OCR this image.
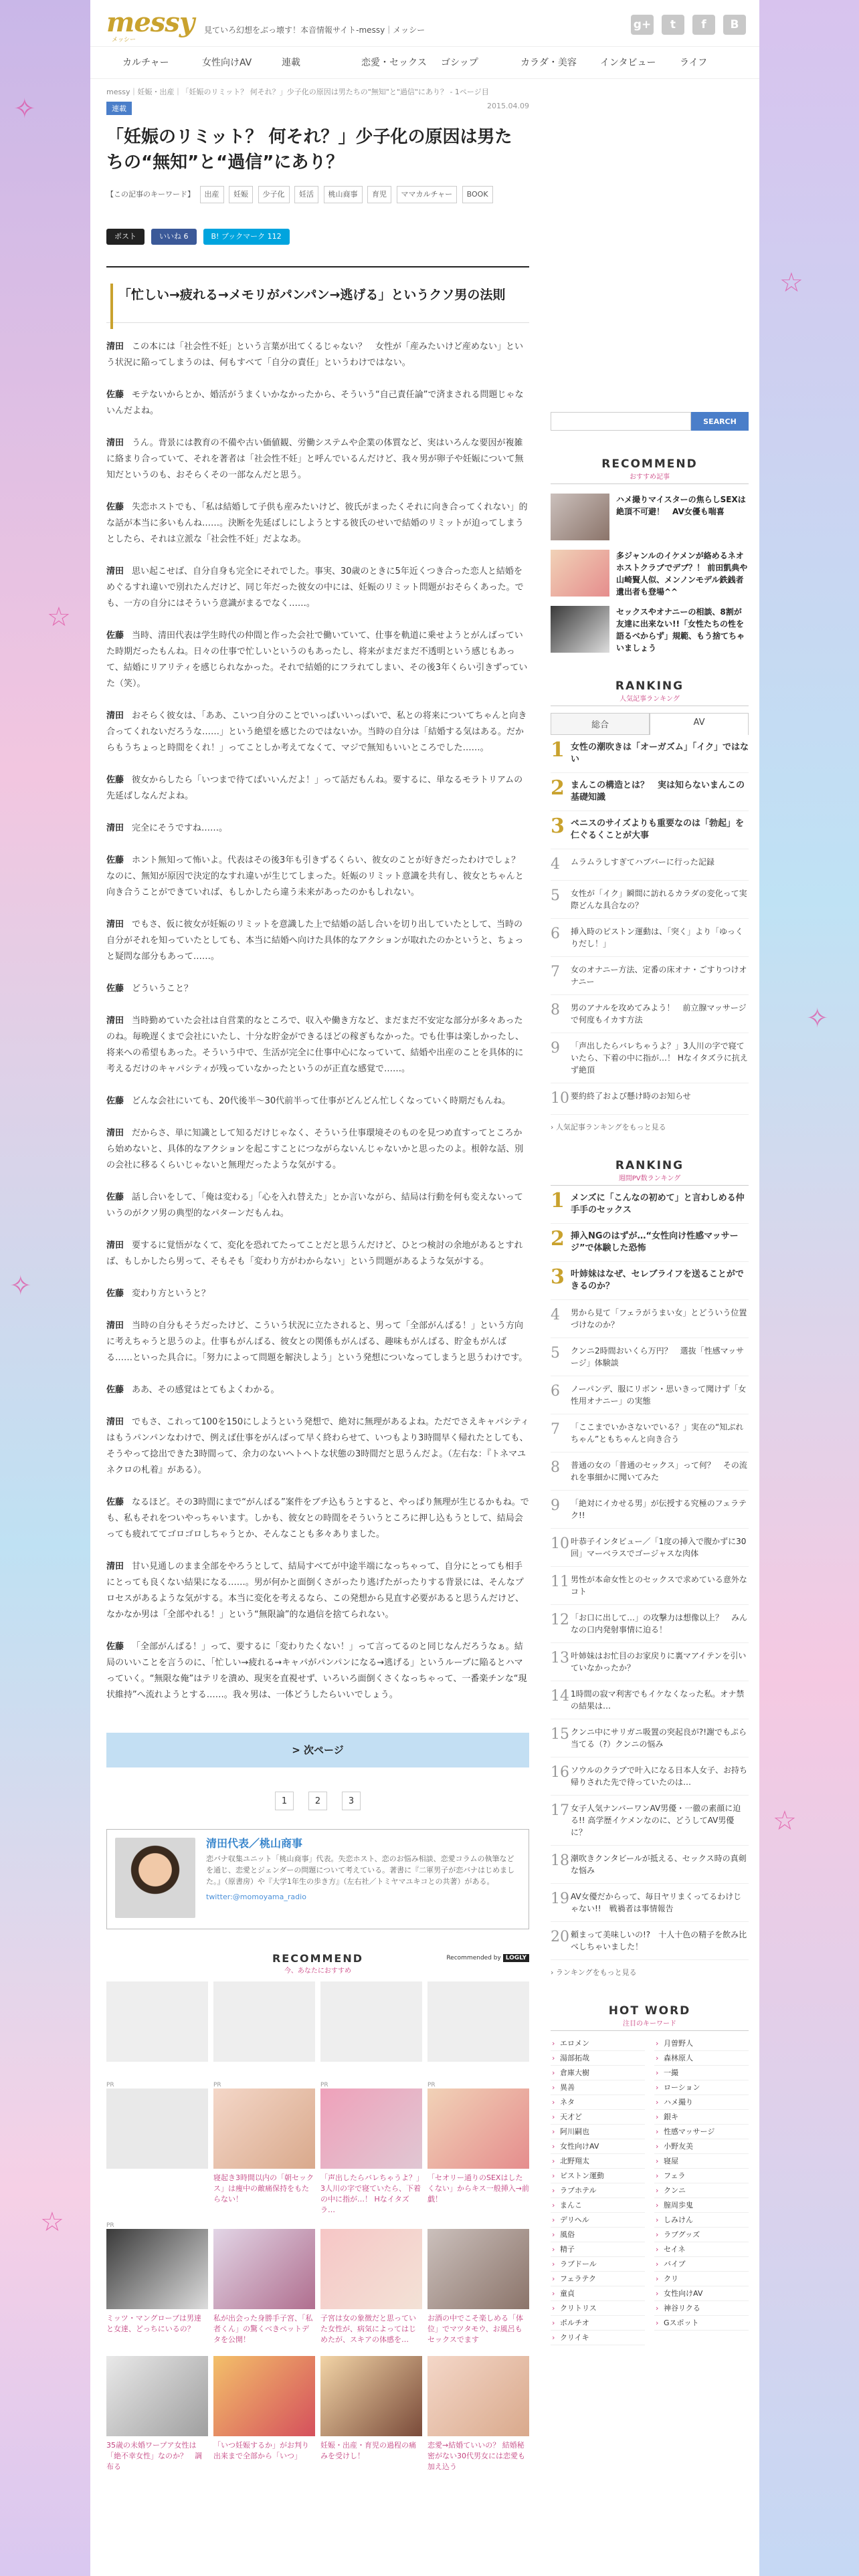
✧
☆
✧
☆
☆
✧
☆
messy
メッシー
見ていろ幻想をぶっ壊す！本音情報サイト-messy｜メッシー	g+	t	f	B
カルチャー	女性向けAV	連載	恋愛・セックス	ゴシップ	カラダ・美容	インタビュー	ライフ
messy｜妊娠・出産｜「妊娠のリミット？ 何それ？」少子化の原因は男たちの"無知"と"過信"にあり？ - 1ページ目
連載	2015.04.09
「妊娠のリミット？ 何それ？」少子化の原因は男たちの“無知”と“過信”にあり？
【この記事のキーワード】 出産 妊娠 少子化 妊活 桃山商事 育児 ママカルチャー BOOK
ポスト	いいね 6	B! ブックマーク 112
「忙しい→疲れる→メモリがパンパン→逃げる」というクソ男の法則

清田 この本には「社会性不妊」という言葉が出てくるじゃない？　女性が「産みたいけど産めない」という状況に陥ってしまうのは、何もすべて「自分の責任」というわけではない。

佐藤 モテないからとか、婚活がうまくいかなかったから、そういう“自己責任論”で済まされる問題じゃないんだよね。

清田 うん。背景には教育の不備や古い価値観、労働システムや企業の体質など、実はいろんな要因が複雑に絡まり合っていて、それを著者は「社会性不妊」と呼んでいるんだけど、我々男が卵子や妊娠について無知だというのも、おそらくその一部なんだと思う。

佐藤 失恋ホストでも、「私は結婚して子供も産みたいけど、彼氏がまったくそれに向き合ってくれない」的な話が本当に多いもんね……。決断を先延ばしにしようとする彼氏のせいで結婚のリミットが迫ってしまうとしたら、それは立派な「社会性不妊」だよなあ。

清田 思い起こせば、自分自身も完全にそれでした。事実、30歳のときに5年近くつき合った恋人と結婚をめぐるすれ違いで別れたんだけど、同じ年だった彼女の中には、妊娠のリミット問題がおそらくあった。でも、一方の自分にはそういう意識がまるでなく……。

佐藤 当時、清田代表は学生時代の仲間と作った会社で働いていて、仕事を軌道に乗せようとがんばっていた時期だったもんね。日々の仕事で忙しいというのもあったし、将来がまだまだ不透明という感じもあって、結婚にリアリティを感じられなかった。それで結婚的にフラれてしまい、その後3年くらい引きずっていた（笑）。

清田 おそらく彼女は、「ああ、こいつ自分のことでいっぱいいっぱいで、私との将来についてちゃんと向き合ってくれないだろうな……」という絶望を感じたのではないか。当時の自分は「結婚する気はある。だからもうちょっと時間をくれ！」ってことしか考えてなくて、マジで無知もいいところでした……。

佐藤 彼女からしたら「いつまで待てばいいんだよ！」って話だもんね。要するに、単なるモラトリアムの先延ばしなんだよね。

清田 完全にそうですね……。

佐藤 ホント無知って怖いよ。代表はその後3年も引きずるくらい、彼女のことが好きだったわけでしょ？　なのに、無知が原因で決定的なすれ違いが生じてしまった。妊娠のリミット意識を共有し、彼女とちゃんと向き合うことができていれば、もしかしたら違う未来があったのかもしれない。

清田 でもさ、仮に彼女が妊娠のリミットを意識した上で結婚の話し合いを切り出していたとして、当時の自分がそれを知っていたとしても、本当に結婚へ向けた具体的なアクションが取れたのかというと、ちょっと疑問な部分もあって……。

佐藤 どういうこと？

清田 当時勤めていた会社は自営業的なところで、収入や働き方など、まだまだ不安定な部分が多々あったのね。毎晩遅くまで会社にいたし、十分な貯金ができるほどの稼ぎもなかった。でも仕事は楽しかったし、将来への希望もあった。そういう中で、生活が完全に仕事中心になっていて、結婚や出産のことを具体的に考えるだけのキャパシティが残っていなかったというのが正直な感覚で……。

佐藤 どんな会社にいても、20代後半〜30代前半って仕事がどんどん忙しくなっていく時期だもんね。

清田 だからさ、単に知識として知るだけじゃなく、そういう仕事環境そのものを見つめ直すってところから始めないと、具体的なアクションを起こすことにつながらないんじゃないかと思ったのよ。根幹な話、別の会社に移るくらいじゃないと無理だったような気がする。

佐藤 話し合いをして、「俺は変わる」「心を入れ替えた」とか言いながら、結局は行動を何も変えないっていうのがクソ男の典型的なパターンだもんね。

清田 要するに覚悟がなくて、変化を恐れてたってことだと思うんだけど、ひとつ検討の余地があるとすれば、もしかしたら男って、そもそも「変わり方がわからない」という問題があるような気がする。

佐藤 変わり方というと？

清田 当時の自分もそうだったけど、こういう状況に立たされると、男って「全部がんばる！」という方向に考えちゃうと思うのよ。仕事もがんばる、彼女との関係もがんばる、趣味もがんばる、貯金もがんばる……といった具合に。「努力によって問題を解決しよう」という発想についなってしまうと思うわけです。

佐藤 ああ、その感覚はとてもよくわかる。

清田 でもさ、これって100を150にしようという発想で、絶対に無理があるよね。ただでさえキャパシティはもうパンパンなわけで、例えば仕事をがんばって早く終わらせて、いつもより3時間早く帰れたとしても、そうやって捻出できた3時間って、余力のないヘトヘトな状態の3時間だと思うんだよ。（左右な：『トネマユネクロの札着』がある）。

佐藤 なるほど。その3時間にまで“がんばる”案件をブチ込もうとすると、やっぱり無理が生じるかもね。でも、私もそれをついやっちゃいます。しかも、彼女との時間をそういうところに押し込もうとして、結局会っても疲れててゴロゴロしちゃうとか、そんなことも多々ありました。

清田 甘い見通しのまま全部をやろうとして、結局すべてが中途半端になっちゃって、自分にとっても相手にとっても良くない結果になる……。男が何かと面倒くさがったり逃げたがったりする背景には、そんなプロセスがあるような気がする。本当に変化を考えるなら、この発想から見直す必要があると思うんだけど、なかなか男は「全部やれる！」という“無限論”的な過信を捨てられない。

佐藤 「全部がんばる！」って、要するに「変わりたくない！」って言ってるのと同じなんだろうなぁ。結局のいいことを言うのに、「忙しい→疲れる→キャパがパンパンになる→逃げる」というループに陥るとハマっていく。“無限な俺”はテリを潰め、現実を直視せず、いろいろ面倒くさくなっちゃって、一番楽チンな“現状維持”へ流れようとする……。我々男は、一体どうしたらいいでしょう。

> 次ページ
1	2	3
清田代表／桃山商事
恋バナ収集ユニット「桃山商事」代表。失恋ホスト、恋のお悩み相談、恋愛コラムの執筆などを通じ、恋愛とジェンダーの問題について考えている。著書に『二軍男子が恋バナはじめました。』（原書房）や『大学1年生の歩き方』（左右社／トミヤマユキコとの共著）がある。
twitter:@momoyama_radio
RECOMMEND
今、あなたにおすすめ
Recommended by LOGLY
PR	PR
寝起き3時間以内の「朝セックス」は痩中の敵痛保持をもたらない！
PR
「声出したらバレちゃうよ？」3人川の字で寝ていたら、下着の中に指が…！ Hなイタズラ…
PR
「セオリー通りのSEXはしたくない」からキス一般挿入→前戯！
PR
ミッツ・マングローブは男達と女達、どっちにいるの？
私が出会った身勝手子宮、「私者くん」の驚くべきペットデタを公開！
子宮は女の象徴だと思っていた女性が、病気によってはじめたが、スキアの体感を…
お酒の中でこそ楽しめる「体位」でマツタモウ、お風呂もセックスでます
35歳の未婚ワープア女性は「絶不幸女性」なのか？　調布る
「いつ妊娠するか」がお判り出来まで全部から「いつ」
妊娠・出産・育児の過程の痛みを受けし！
恋愛→結婚ていいの？ 結婚秘密がない30代男女には恋愛も加え込う
SEARCH
RECOMMEND
おすすめ記事
ハメ撮りマイスターの焦らしSEXは絶頂不可避！　AV女優も喘喜
多ジャンルのイケメンが絡めるネオホストクラブでデブ？！ 前田凱典や山崎賢人似、メンノンモデル鉄銭者遺出者も登場^^
セックスやオナニーの相談、8割が友達に出来ない!!「女性たちの性を語るべからず」規範、もう捨てちゃいましょう
RANKING
人気記事ランキング
総合	AV
1 女性の潮吹きは「オーガズム」「イク」ではない
2 まんこの構造とは？　実は知らないまんこの基礎知識
3 ペニスのサイズよりも重要なのは「勃起」を仁ぐるくことが大事
4	ムラムラしすぎてハプバーに行った記録
5	女性が「イク」瞬間に訪れるカラダの変化って実際どんな具合なの？
6	挿入時のピストン運動は、「突く」より「ゆっくりだし！」
7	女のオナニー方法、定番の床オナ・ごすりつけオナニー
8	男のアナルを攻めてみよう！　前立腺マッサージで何度もイカす方法
9	「声出したらバレちゃうよ？」3人川の字で寝ていたら、下着の中に指が…！ Hなイタズラに抗えず絶頂
10 要約終了および懸け時のお知らせ
› 人気記事ランキングをもっと見る
RANKING
週間PV数ランキング
1 メンズに「こんなの初めて」と言わしめる仲手手のセックス
2 挿入NGのはずが…“女性向け性感マッサージ”で体験した恐怖
3 叶姉妹はなぜ、セレブライフを送ることができるのか？
4	男から見て「フェラがうまい女」とどういう位置づけなのか？
5	クンニ2時間おいくら万円？　選抜「性感マッサージ」体験談
6	ノーパンデ、服にリボン・思いきって聞けず「女性用オナニー」の実態
7	「ここまでいかさないでいる？」実在の“知ぶれちゃん”ともちゃんと向き合う
8	普通の女の「普通のセックス」って何？　その流れを事細かに聞いてみた
9	「絶対にイカせる男」が伝授する究極のフェラテク!!
10 叶恭子インタビュー／「1度の挿入で腹かずに30回」マーベラスでゴージャスな肉体
11 男性が本命女性とのセックスで求めている意外なコト
12 「お口に出して…」の攻撃力は想像以上？　みんなの口内発射事情に迫る！
13 叶姉妹はお忙目のお家戻りに裏マアイテンを引いていなかったか？
14 1時間の寂マ利害でもイケなくなった私。オナ禁の結果は…
15 クンニ中にサリガニ吸置の突起良が?!謝でもぷら当てる（?）クンニの悩み
16 ソウルのクラブで叶入になる日本人女子、お持ち帰りされた先で待っていたのは…
17 女子人気ナンバーワンAV男優・一徹の素顔に迫る!! 高学歴イケメンなのに、どうしてAV男優に？
18 潮吹きクンタビールが抵える、セックス時の真剣な悩み
19 AV女優だからって、毎日ヤリまくってるわけじゃない!!　戦禍者は事情報告
20 頼まって美味しいの!?　十人十色の精子を飲み比べしちゃいました！
› ランキングをもっと見る
HOT WORD
注目のキーワード
› エロメン	› 月曽野人
› 湯部拓哉	› 森林原人
› 倉庫大樹	› 一撮
› 異善	› ローション
› ネタ	› ハメ撮り
› 天才ど	› 銀キ
› 阿川嗣也	› 性感マッサージ
› 女性向けAV	› 小野友美
› 北野翔太	› 寝屋
› ピストン運動	› フェラ
› ラブホテル	› クンニ
› まんこ	› 膣周歩鬼
› デリヘル	› しみけん
› 風俗	› ラブグッズ
› 精子	› セイネ
› ラブドール	› バイブ
› フェラテク	› クリ
› 童貞	› 女性向けAV
› クリトリス	› 神谷リクる
› ポルチオ	› Gスポット
› クリイキ
